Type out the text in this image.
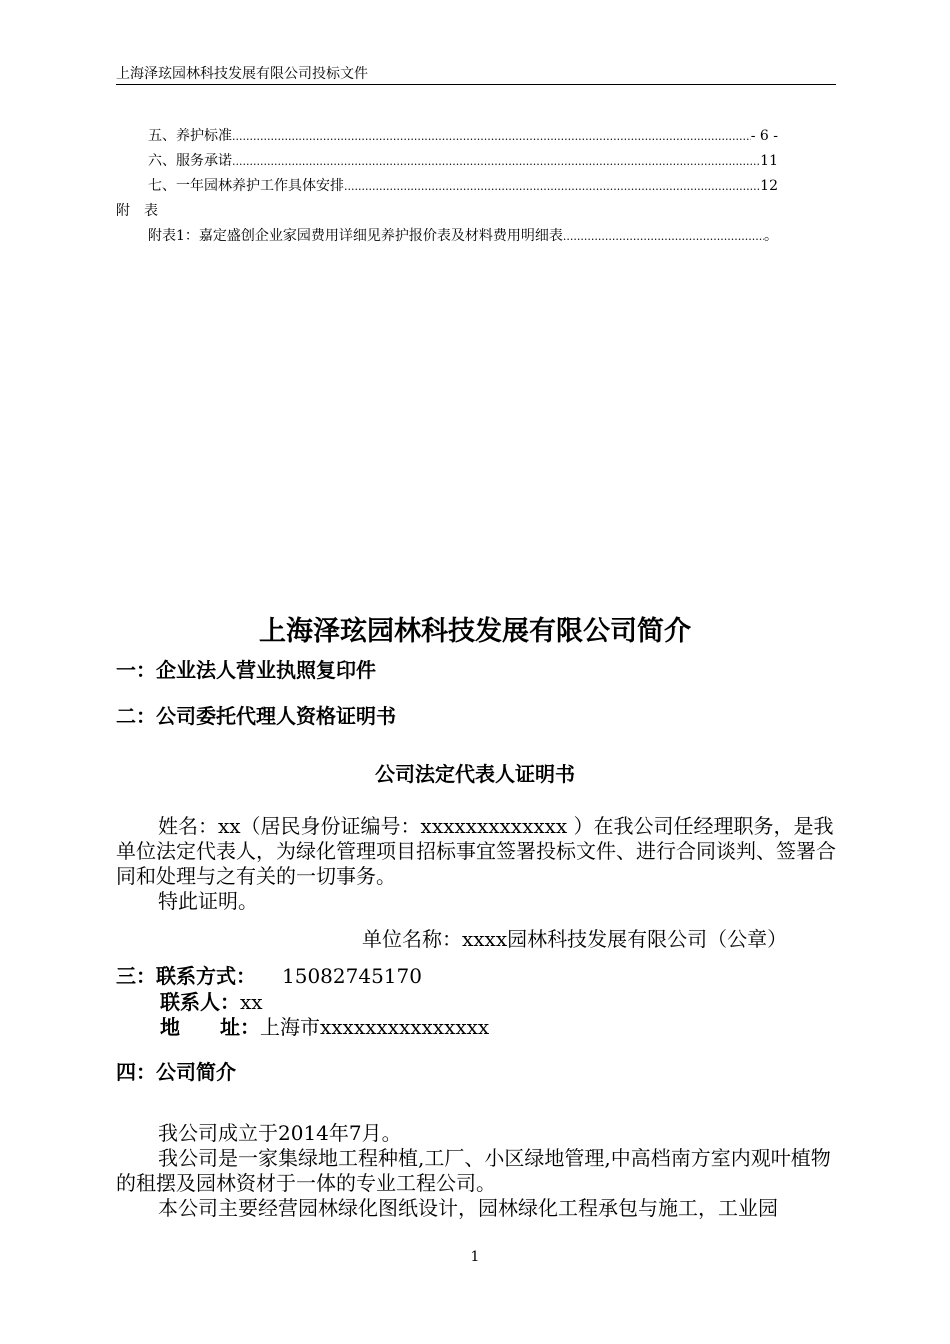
上海泽玹园林科技发展有限公司投标文件
五、养护标准 .....	- 6 -
六、服务承诺 .....	11
七、一年园林养护工作具体安排 .....	12
附表
附表1：嘉定盛创企业家园费用详细见养护报价表及材料费用明细表 .....	。
上海泽玹园林科技发展有限公司简介
一：企业法人营业执照复印件
二：公司委托代理人资格证明书
公司法定代表人证明书
姓名：xx（居民身份证编号：xxxxxxxxxxxxx ）在我公司任经理职务，是我单位法定代表人，为绿化管理项目招标事宜签署投标文件、进行合同谈判、签署合同和处理与之有关的一切事务。
特此证明。
单位名称：xxxx园林科技发展有限公司（公章）
三：联系方式： 15082745170
联系人：xx
地　　址：上海市xxxxxxxxxxxxxxx
四：公司简介
我公司成立于2014年7月。
我公司是一家集绿地工程种植,工厂、小区绿地管理,中高档南方室内观叶植物的租摆及园林资材于一体的专业工程公司。
本公司主要经营园林绿化图纸设计，园林绿化工程承包与施工，工业园
1
